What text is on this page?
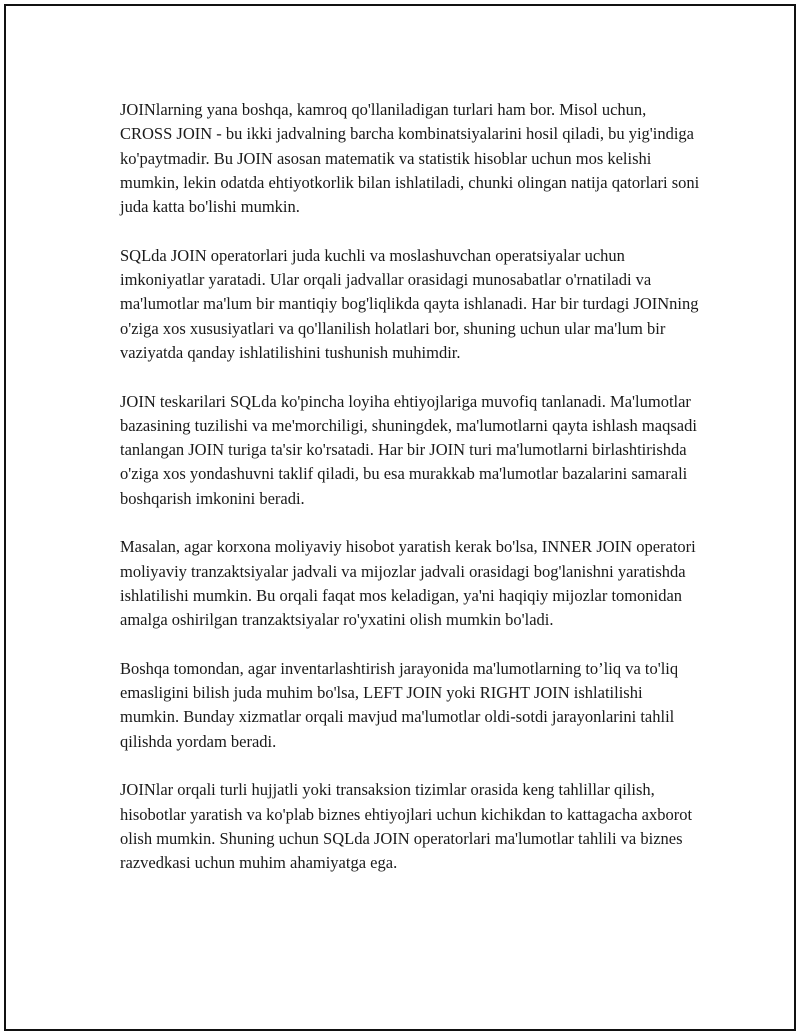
JOINlarning yana boshqa, kamroq qo'llaniladigan turlari ham bor. Misol uchun, CROSS JOIN - bu ikki jadvalning barcha kombinatsiyalarini hosil qiladi, bu yig'indiga ko'paytmadir. Bu JOIN asosan matematik va statistik hisoblar uchun mos kelishi mumkin, lekin odatda ehtiyotkorlik bilan ishlatiladi, chunki olingan natija qatorlari soni juda katta bo'lishi mumkin.

SQLda JOIN operatorlari juda kuchli va moslashuvchan operatsiyalar uchun imkoniyatlar yaratadi. Ular orqali jadvallar orasidagi munosabatlar o'rnatiladi va ma'lumotlar ma'lum bir mantiqiy bog'liqlikda qayta ishlanadi. Har bir turdagi JOINning o'ziga xos xususiyatlari va qo'llanilish holatlari bor, shuning uchun ular ma'lum bir vaziyatda qanday ishlatilishini tushunish muhimdir.

JOIN teskarilari SQLda ko'pincha loyiha ehtiyojlariga muvofiq tanlanadi. Ma'lumotlar bazasining tuzilishi va me'morchiligi, shuningdek, ma'lumotlarni qayta ishlash maqsadi tanlangan JOIN turiga ta'sir ko'rsatadi. Har bir JOIN turi ma'lumotlarni birlashtirishda o'ziga xos yondashuvni taklif qiladi, bu esa murakkab ma'lumotlar bazalarini samarali boshqarish imkonini beradi.

Masalan, agar korxona moliyaviy hisobot yaratish kerak bo'lsa, INNER JOIN operatori moliyaviy tranzaktsiyalar jadvali va mijozlar jadvali orasidagi bog'lanishni yaratishda ishlatilishi mumkin. Bu orqali faqat mos keladigan, ya'ni haqiqiy mijozlar tomonidan amalga oshirilgan tranzaktsiyalar ro'yxatini olish mumkin bo'ladi.

Boshqa tomondan, agar inventarlashtirish jarayonida ma'lumotlarning to’liq va to'liq emasligini bilish juda muhim bo'lsa, LEFT JOIN yoki RIGHT JOIN ishlatilishi mumkin. Bunday xizmatlar orqali mavjud ma'lumotlar oldi-sotdi jarayonlarini tahlil qilishda yordam beradi.

JOINlar orqali turli hujjatli yoki transaksion tizimlar orasida keng tahlillar qilish, hisobotlar yaratish va ko'plab biznes ehtiyojlari uchun kichikdan to kattagacha axborot olish mumkin. Shuning uchun SQLda JOIN operatorlari ma'lumotlar tahlili va biznes razvedkasi uchun muhim ahamiyatga ega.
